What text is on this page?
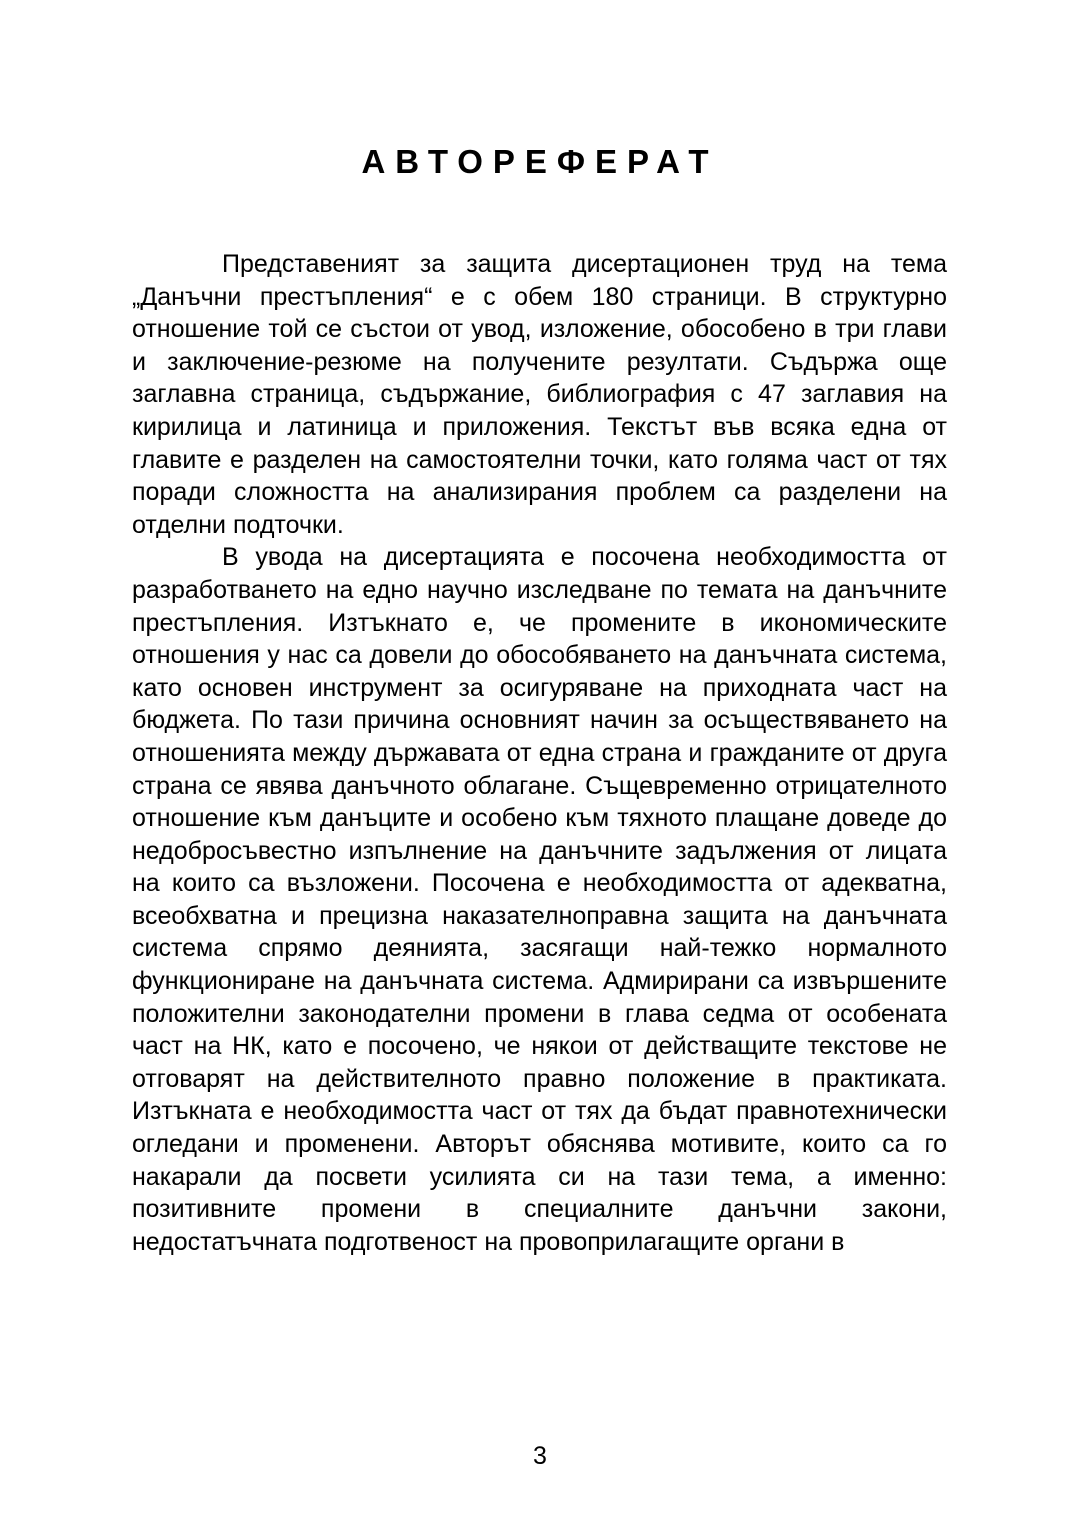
АВТОРЕФЕРАТ

Представеният за защита дисертационен труд на тема „Данъчни престъпления“ е с обем 180 страници. В структурно отношение той се състои от увод, изложение, обособено в три глави и заключение-резюме на получените резултати. Съдържа още заглавна страница, съдържание, библиография с 47 заглавия на кирилица и латиница и приложения. Текстът във всяка една от главите е разделен на самостоятелни точки, като голяма част от тях поради сложността на анализирания проблем са разделени на отделни подточки.

В увода на дисертацията е посочена необходимостта от разработването на едно научно изследване по темата на данъчните престъпления. Изтъкнато е, че промените в икономическите отношения у нас са довели до обособяването на данъчната система, като основен инструмент за осигуряване на приходната част на бюджета. По тази причина основният начин за осъществяването на отношенията между държавата от една страна и гражданите от друга страна се явява данъчното облагане. Същевременно отрицателното отношение към данъците и особено към тяхното плащане доведе до недобросъвестно изпълнение на данъчните задължения от лицата на които са възложени. Посочена е необходимостта от адекватна, всеобхватна и прецизна наказателноправна защита на данъчната система спрямо деянията, засягащи най-тежко нормалното функциониране на данъчната система. Адмирирани са извършените положителни законодателни промени в глава седма от особената част на НК, като е посочено, че някои от действащите текстове не отговарят на действителното правно положение в практиката. Изтъкната е необходимостта част от тях да бъдат правнотехнически огледани и променени. Авторът обяснява мотивите, които са го накарали да посвети усилията си на тази тема, а именно: позитивните промени в специалните данъчни закони, недостатъчната подготвеност на провоприлагащите органи в

3
